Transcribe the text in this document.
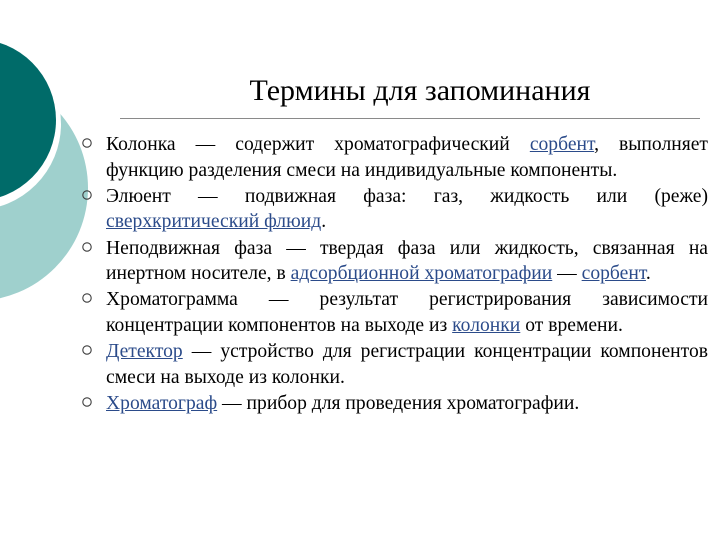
Термины для запоминания
Колонка — содержит хроматографический сорбент, выполняет функцию разделения смеси на индивидуальные компоненты.
Элюент — подвижная фаза: газ, жидкость или (реже) сверхкритический флюид.
Неподвижная фаза — твердая фаза или жидкость, связанная на инертном носителе, в адсорбционной хроматографии — сорбент.
Хроматограмма — результат регистрирования зависимости концентрации компонентов на выходе из колонки от времени.
Детектор — устройство для регистрации концентрации компонентов смеси на выходе из колонки.
Хроматограф — прибор для проведения хроматографии.
